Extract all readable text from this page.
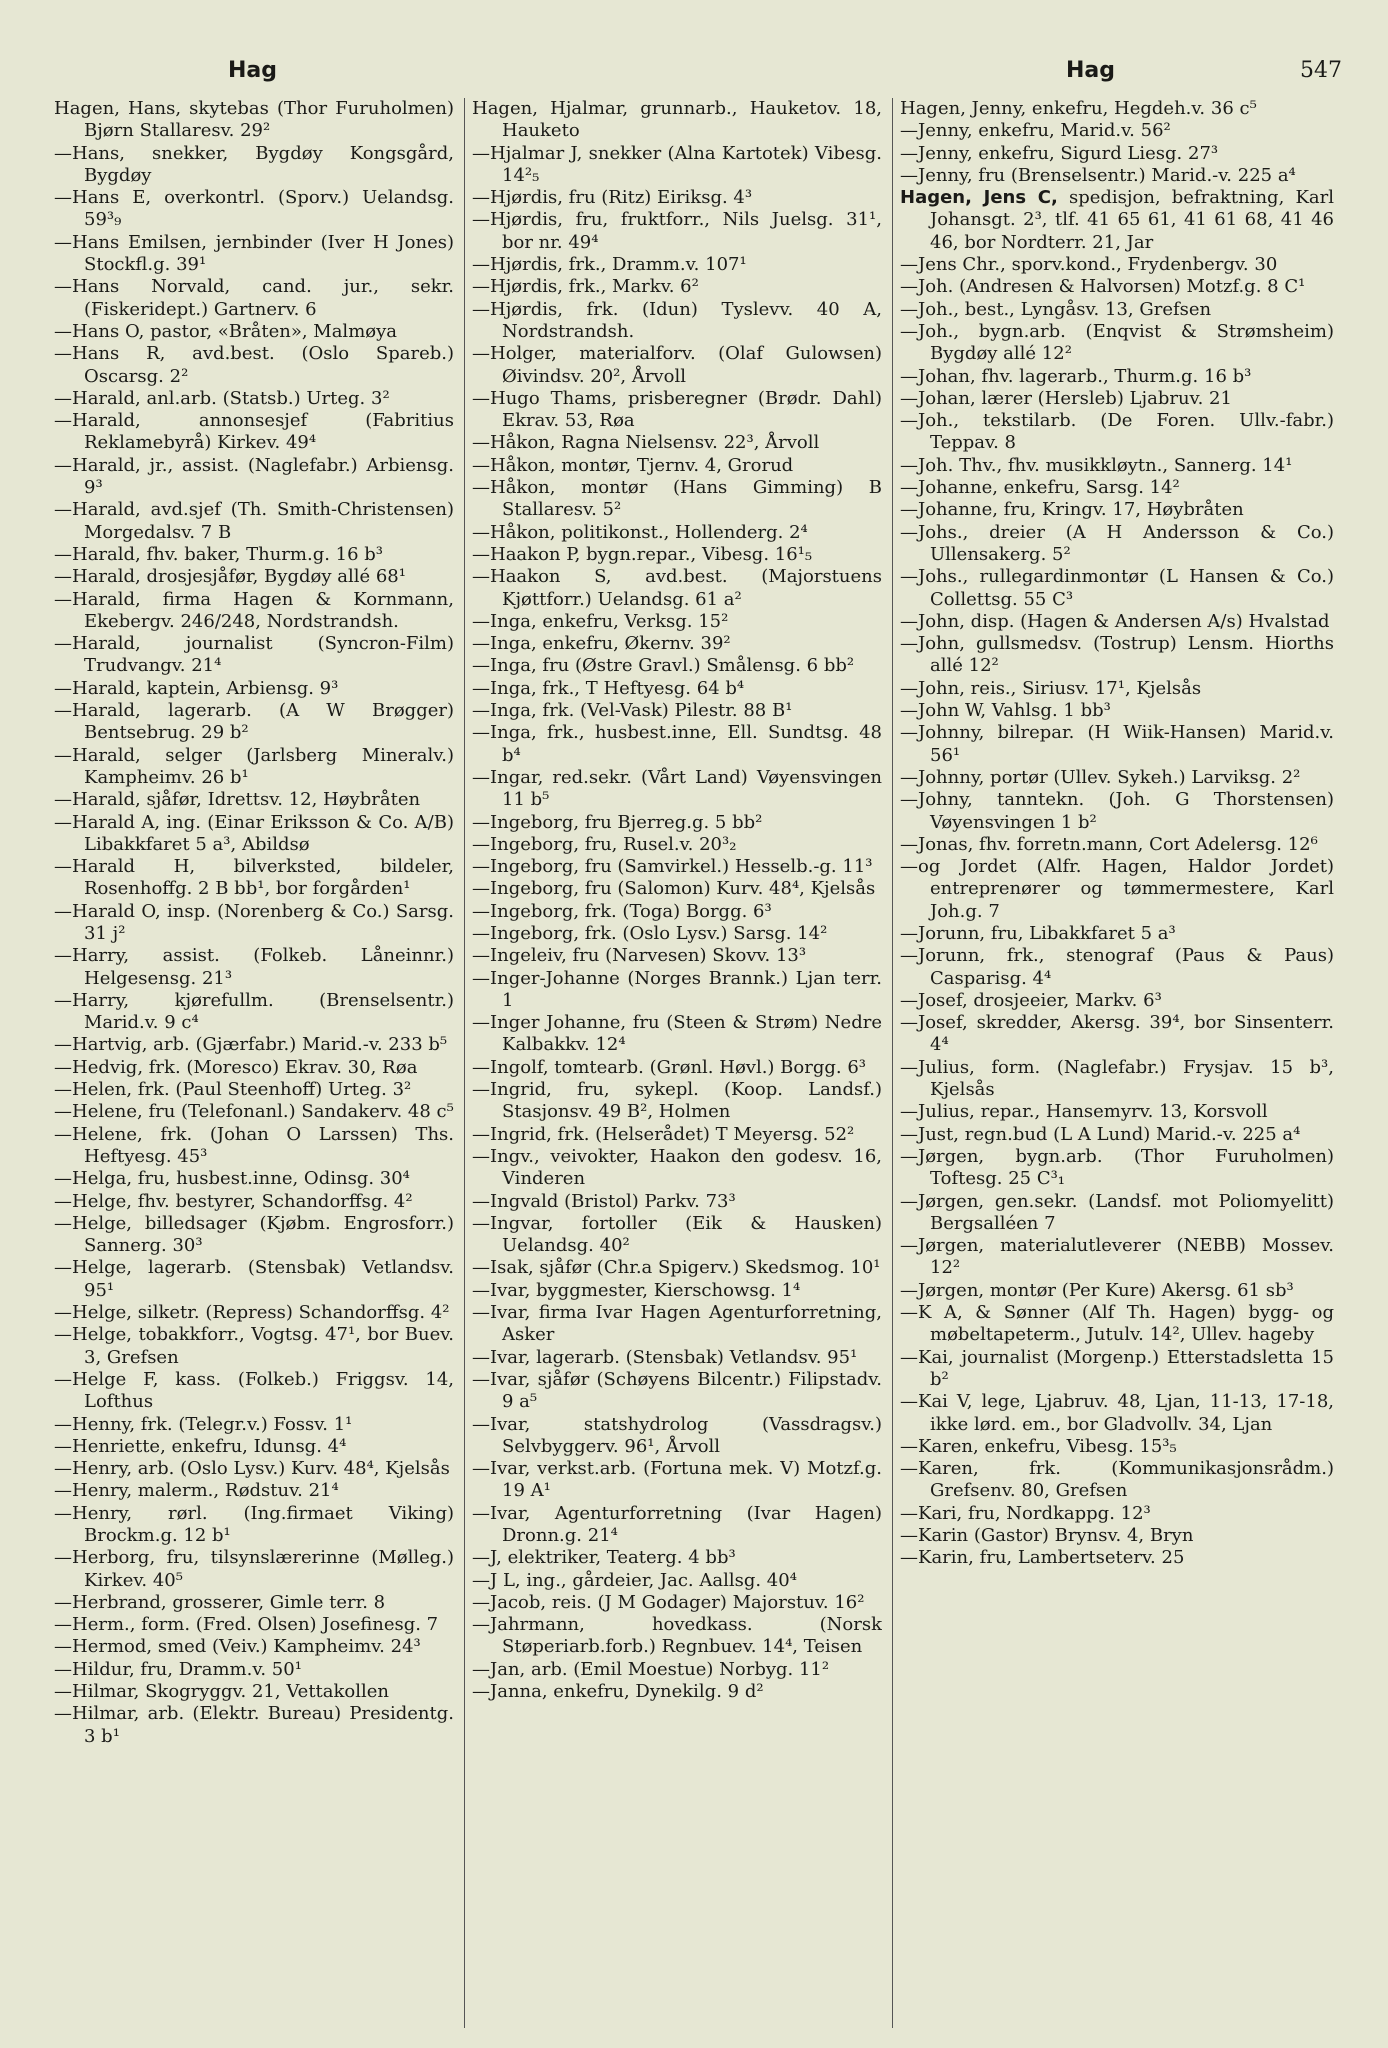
Hag	Hag	547
Hagen, Hans, skytebas (Thor Furuholmen) Bjørn Stallaresv. 29²
—Hans, snekker, Bygdøy Kongsgård, Bygdøy
—Hans E, overkontrl. (Sporv.) Uelandsg. 59³₉
—Hans Emilsen, jernbinder (Iver H Jones) Stockfl.g. 39¹
—Hans Norvald, cand. jur., sekr. (Fiskeridept.) Gartnerv. 6
—Hans O, pastor, «Bråten», Malmøya
—Hans R, avd.best. (Oslo Spareb.) Oscarsg. 2²
—Harald, anl.arb. (Statsb.) Urteg. 3²
—Harald, annonsesjef (Fabritius Reklamebyrå) Kirkev. 49⁴
—Harald, jr., assist. (Naglefabr.) Arbiensg. 9³
—Harald, avd.sjef (Th. Smith-Christensen) Morgedalsv. 7 B
—Harald, fhv. baker, Thurm.g. 16 b³
—Harald, drosjesjåfør, Bygdøy allé 68¹
—Harald, firma Hagen & Kornmann, Ekebergv. 246/248, Nordstrandsh.
—Harald, journalist (Syncron-Film) Trudvangv. 21⁴
—Harald, kaptein, Arbiensg. 9³
—Harald, lagerarb. (A W Brøgger) Bentsebrug. 29 b²
—Harald, selger (Jarlsberg Mineralv.) Kampheimv. 26 b¹
—Harald, sjåfør, Idrettsv. 12, Høybråten
—Harald A, ing. (Einar Eriksson & Co. A/B) Libakkfaret 5 a³, Abildsø
—Harald H, bilverksted, bildeler, Rosenhoffg. 2 B bb¹, bor forgården¹
—Harald O, insp. (Norenberg & Co.) Sarsg. 31 j²
—Harry, assist. (Folkeb. Låneinnr.) Helgesensg. 21³
—Harry, kjørefullm. (Brenselsentr.) Marid.v. 9 c⁴
—Hartvig, arb. (Gjærfabr.) Marid.-v. 233 b⁵
—Hedvig, frk. (Moresco) Ekrav. 30, Røa
—Helen, frk. (Paul Steenhoff) Urteg. 3²
—Helene, fru (Telefonanl.) Sandakerv. 48 c⁵
—Helene, frk. (Johan O Larssen) Ths. Heftyesg. 45³
—Helga, fru, husbest.inne, Odinsg. 30⁴
—Helge, fhv. bestyrer, Schandorffsg. 4²
—Helge, billedsager (Kjøbm. Engrosforr.) Sannerg. 30³
—Helge, lagerarb. (Stensbak) Vetlandsv. 95¹
—Helge, silketr. (Repress) Schandorffsg. 4²
—Helge, tobakkforr., Vogtsg. 47¹, bor Buev. 3, Grefsen
—Helge F, kass. (Folkeb.) Friggsv. 14, Lofthus
—Henny, frk. (Telegr.v.) Fossv. 1¹
—Henriette, enkefru, Idunsg. 4⁴
—Henry, arb. (Oslo Lysv.) Kurv. 48⁴, Kjelsås
—Henry, malerm., Rødstuv. 21⁴
—Henry, rørl. (Ing.firmaet Viking) Brockm.g. 12 b¹
—Herborg, fru, tilsynslærerinne (Mølleg.) Kirkev. 40⁵
—Herbrand, grosserer, Gimle terr. 8
—Herm., form. (Fred. Olsen) Josefinesg. 7
—Hermod, smed (Veiv.) Kampheimv. 24³
—Hildur, fru, Dramm.v. 50¹
—Hilmar, Skogryggv. 21, Vettakollen
—Hilmar, arb. (Elektr. Bureau) Presidentg. 3 b¹
Hagen, Hjalmar, grunnarb., Hauketov. 18, Hauketo
—Hjalmar J, snekker (Alna Kartotek) Vibesg. 14²₅
—Hjørdis, fru (Ritz) Eiriksg. 4³
—Hjørdis, fru, fruktforr., Nils Juelsg. 31¹, bor nr. 49⁴
—Hjørdis, frk., Dramm.v. 107¹
—Hjørdis, frk., Markv. 6²
—Hjørdis, frk. (Idun) Tyslevv. 40 A, Nordstrandsh.
—Holger, materialforv. (Olaf Gulowsen) Øivindsv. 20², Årvoll
—Hugo Thams, prisberegner (Brødr. Dahl) Ekrav. 53, Røa
—Håkon, Ragna Nielsensv. 22³, Årvoll
—Håkon, montør, Tjernv. 4, Grorud
—Håkon, montør (Hans Gimming) B Stallaresv. 5²
—Håkon, politikonst., Hollenderg. 2⁴
—Haakon P, bygn.repar., Vibesg. 16¹₅
—Haakon S, avd.best. (Majorstuens Kjøttforr.) Uelandsg. 61 a²
—Inga, enkefru, Verksg. 15²
—Inga, enkefru, Økernv. 39²
—Inga, fru (Østre Gravl.) Smålensg. 6 bb²
—Inga, frk., T Heftyesg. 64 b⁴
—Inga, frk. (Vel-Vask) Pilestr. 88 B¹
—Inga, frk., husbest.inne, Ell. Sundtsg. 48 b⁴
—Ingar, red.sekr. (Vårt Land) Vøyensvingen 11 b⁵
—Ingeborg, fru Bjerreg.g. 5 bb²
—Ingeborg, fru, Rusel.v. 20³₂
—Ingeborg, fru (Samvirkel.) Hesselb.-g. 11³
—Ingeborg, fru (Salomon) Kurv. 48⁴, Kjelsås
—Ingeborg, frk. (Toga) Borgg. 6³
—Ingeborg, frk. (Oslo Lysv.) Sarsg. 14²
—Ingeleiv, fru (Narvesen) Skovv. 13³
—Inger-Johanne (Norges Brannk.) Ljan terr. 1
—Inger Johanne, fru (Steen & Strøm) Nedre Kalbakkv. 12⁴
—Ingolf, tomtearb. (Grønl. Høvl.) Borgg. 6³
—Ingrid, fru, sykepl. (Koop. Landsf.) Stasjonsv. 49 B², Holmen
—Ingrid, frk. (Helserådet) T Meyersg. 52²
—Ingv., veivokter, Haakon den godesv. 16, Vinderen
—Ingvald (Bristol) Parkv. 73³
—Ingvar, fortoller (Eik & Hausken) Uelandsg. 40²
—Isak, sjåfør (Chr.a Spigerv.) Skedsmog. 10¹
—Ivar, byggmester, Kierschowsg. 1⁴
—Ivar, firma Ivar Hagen Agenturforretning, Asker
—Ivar, lagerarb. (Stensbak) Vetlandsv. 95¹
—Ivar, sjåfør (Schøyens Bilcentr.) Filipstadv. 9 a⁵
—Ivar, statshydrolog (Vassdragsv.) Selvbyggerv. 96¹, Årvoll
—Ivar, verkst.arb. (Fortuna mek. V) Motzf.g. 19 A¹
—Ivar, Agenturforretning (Ivar Hagen) Dronn.g. 21⁴
—J, elektriker, Teaterg. 4 bb³
—J L, ing., gårdeier, Jac. Aallsg. 40⁴
—Jacob, reis. (J M Godager) Majorstuv. 16²
—Jahrmann, hovedkass. (Norsk Støperiarb.forb.) Regnbuev. 14⁴, Teisen
—Jan, arb. (Emil Moestue) Norbyg. 11²
—Janna, enkefru, Dynekilg. 9 d²
Hagen, Jenny, enkefru, Hegdeh.v. 36 c⁵
—Jenny, enkefru, Marid.v. 56²
—Jenny, enkefru, Sigurd Liesg. 27³
—Jenny, fru (Brenselsentr.) Marid.-v. 225 a⁴
Hagen, Jens C, spedisjon, befraktning, Karl Johansgt. 2³, tlf. 41 65 61, 41 61 68, 41 46 46, bor Nordterr. 21, Jar
—Jens Chr., sporv.kond., Frydenbergv. 30
—Joh. (Andresen & Halvorsen) Motzf.g. 8 C¹
—Joh., best., Lyngåsv. 13, Grefsen
—Joh., bygn.arb. (Enqvist & Strømsheim) Bygdøy allé 12²
—Johan, fhv. lagerarb., Thurm.g. 16 b³
—Johan, lærer (Hersleb) Ljabruv. 21
—Joh., tekstilarb. (De Foren. Ullv.-fabr.) Teppav. 8
—Joh. Thv., fhv. musikkløytn., Sannerg. 14¹
—Johanne, enkefru, Sarsg. 14²
—Johanne, fru, Kringv. 17, Høybråten
—Johs., dreier (A H Andersson & Co.) Ullensakerg. 5²
—Johs., rullegardinmontør (L Hansen & Co.) Collettsg. 55 C³
—John, disp. (Hagen & Andersen A/s) Hvalstad
—John, gullsmedsv. (Tostrup) Lensm. Hiorths allé 12²
—John, reis., Siriusv. 17¹, Kjelsås
—John W, Vahlsg. 1 bb³
—Johnny, bilrepar. (H Wiik-Hansen) Marid.v. 56¹
—Johnny, portør (Ullev. Sykeh.) Larviksg. 2²
—Johny, tanntekn. (Joh. G Thorstensen) Vøyensvingen 1 b²
—Jonas, fhv. forretn.mann, Cort Adelersg. 12⁶
—og Jordet (Alfr. Hagen, Haldor Jordet) entreprenører og tømmermestere, Karl Joh.g. 7
—Jorunn, fru, Libakkfaret 5 a³
—Jorunn, frk., stenograf (Paus & Paus) Casparisg. 4⁴
—Josef, drosjeeier, Markv. 6³
—Josef, skredder, Akersg. 39⁴, bor Sinsenterr. 4⁴
—Julius, form. (Naglefabr.) Frysjav. 15 b³, Kjelsås
—Julius, repar., Hansemyrv. 13, Korsvoll
—Just, regn.bud (L A Lund) Marid.-v. 225 a⁴
—Jørgen, bygn.arb. (Thor Furuholmen) Toftesg. 25 C³₁
—Jørgen, gen.sekr. (Landsf. mot Poliomyelitt) Bergsalléen 7
—Jørgen, materialutleverer (NEBB) Mossev. 12²
—Jørgen, montør (Per Kure) Akersg. 61 sb³
—K A, & Sønner (Alf Th. Hagen) bygg- og møbeltapeterm., Jutulv. 14², Ullev. hageby
—Kai, journalist (Morgenp.) Etterstadsletta 15 b²
—Kai V, lege, Ljabruv. 48, Ljan, 11-13, 17-18, ikke lørd. em., bor Gladvollv. 34, Ljan
—Karen, enkefru, Vibesg. 15³₅
—Karen, frk. (Kommunikasjonsrådm.) Grefsenv. 80, Grefsen
—Kari, fru, Nordkappg. 12³
—Karin (Gastor) Brynsv. 4, Bryn
—Karin, fru, Lambertseterv. 25
